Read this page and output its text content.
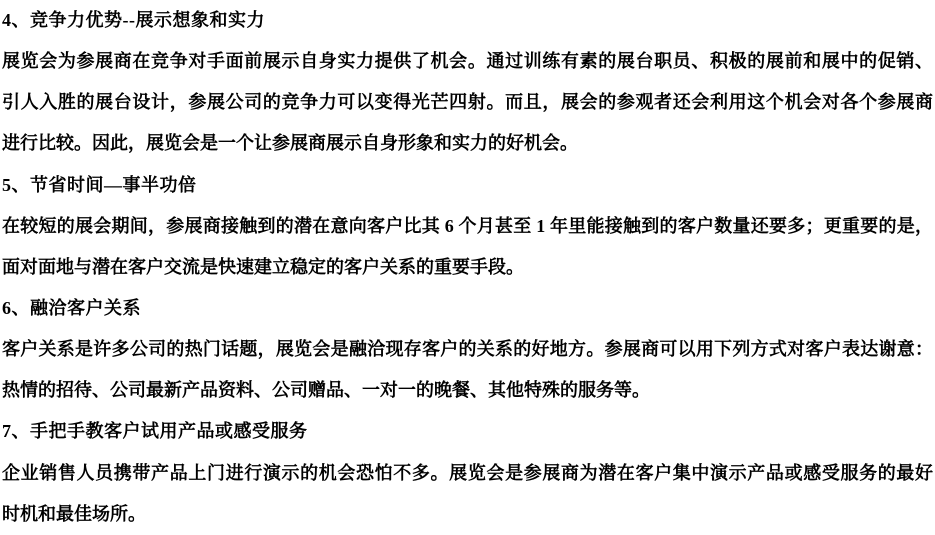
4、竞争力优势--展示想象和实力
展览会为参展商在竞争对手面前展示自身实力提供了机会。通过训练有素的展台职员、积极的展前和展中的促销、
引人入胜的展台设计，参展公司的竞争力可以变得光芒四射。而且，展会的参观者还会利用这个机会对各个参展商
进行比较。因此，展览会是一个让参展商展示自身形象和实力的好机会。
5、节省时间—事半功倍
在较短的展会期间，参展商接触到的潜在意向客户比其 6 个月甚至 1 年里能接触到的客户数量还要多；更重要的是，
面对面地与潜在客户交流是快速建立稳定的客户关系的重要手段。
6、融洽客户关系
客户关系是许多公司的热门话题，展览会是融洽现存客户的关系的好地方。参展商可以用下列方式对客户表达谢意：
热情的招待、公司最新产品资料、公司赠品、一对一的晚餐、其他特殊的服务等。
7、手把手教客户试用产品或感受服务
企业销售人员携带产品上门进行演示的机会恐怕不多。展览会是参展商为潜在客户集中演示产品或感受服务的最好
时机和最佳场所。
